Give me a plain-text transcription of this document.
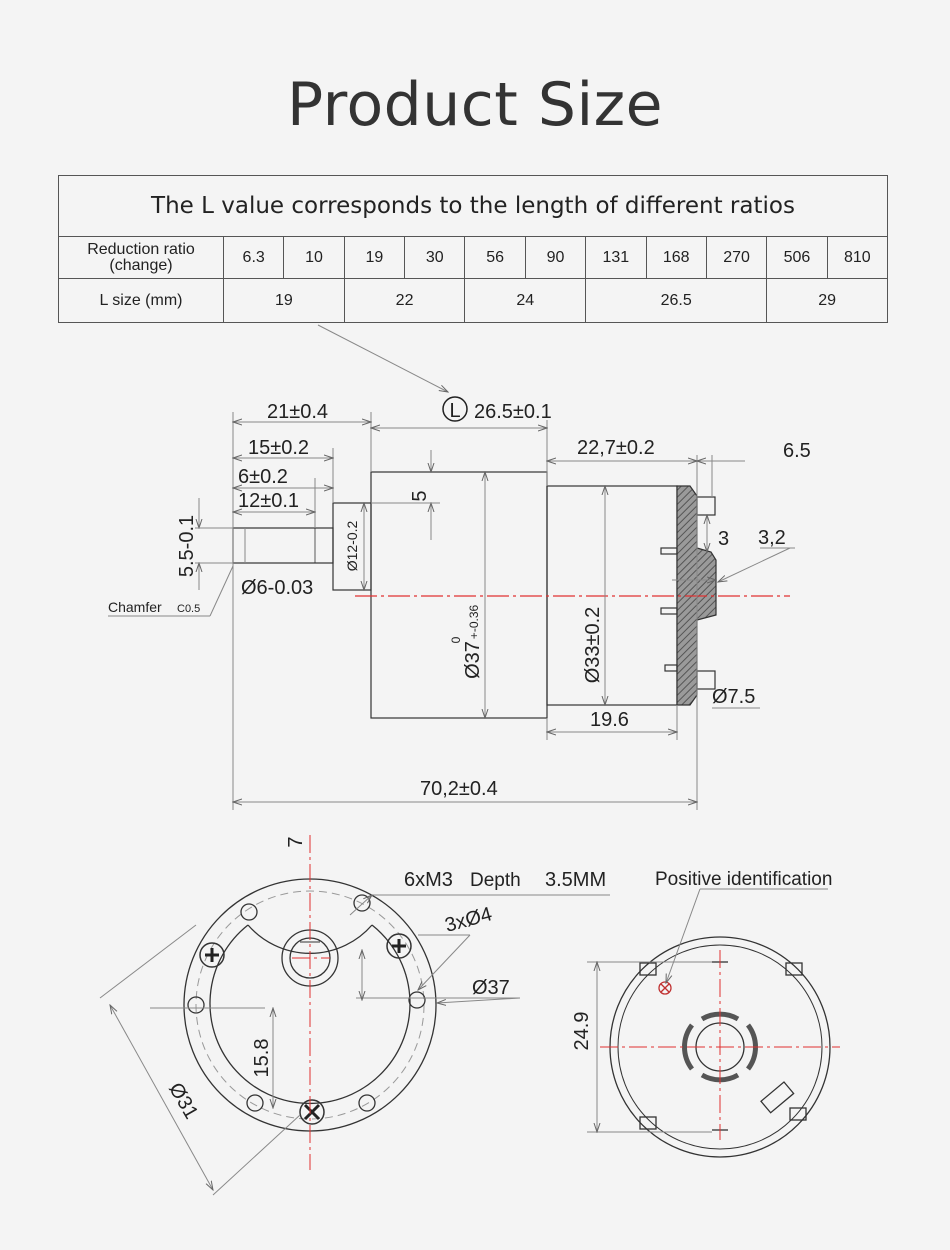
Product Size
The L value corresponds to the length of different ratios											

Reduction ratio
(change)	6.3	10	19	30	56	90	131	168	270	506	810
L size (mm)	19		22		24		26.5			29	
L 26.5±0.1
21±0.4
15±0.2
6±0.2
12±0.1	5
22,7±0.2	6.5
3 3,2
5.5-0.1	Ø12-0.2
Ø6-0.03
Chamfer C0.5
Ø37
0
+-0.36	Ø33±0.2
Ø7.5
19.6
70,2±0.4
7
6xM3 Depth 3.5MM
3xØ4
Ø37
15.8
Ø31
Positive identification
24.9
